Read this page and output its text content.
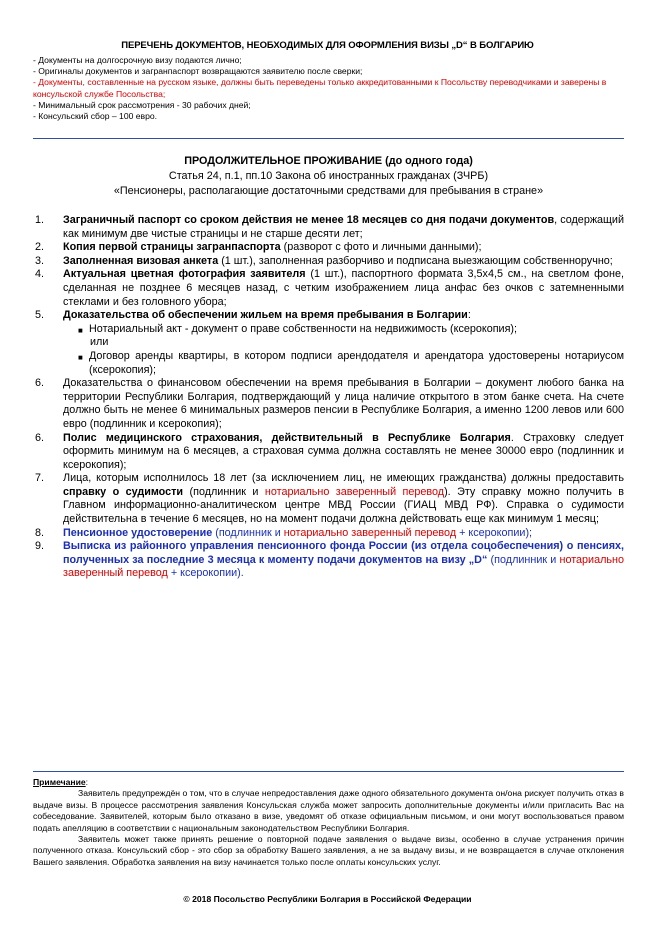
ПЕРЕЧЕНЬ ДОКУМЕНТОВ, НЕОБХОДИМЫХ ДЛЯ ОФОРМЛЕНИЯ ВИЗЫ „D“ В БОЛГАРИЮ
- Документы на долгосрочную визу подаются лично;
- Оригиналы документов и загранпаспорт возвращаются заявителю после сверки;
- Документы, составленные на русском языке, должны быть переведены только аккредитованными к Посольству переводчиками и заверены в консульской службе Посольства;
- Минимальный срок рассмотрения - 30 рабочих дней;
- Консульский сбор – 100 евро.
ПРОДОЛЖИТЕЛЬНОЕ ПРОЖИВАНИЕ (до одного года)
Статья 24, п.1, пп.10 Закона об иностранных гражданах (ЗЧРБ)
«Пенсионеры, располагающие достаточными средствами для пребывания в стране»
1. Заграничный паспорт со сроком действия не менее 18 месяцев со дня подачи документов, содержащий как минимум две чистые страницы и не старше десяти лет;
2. Копия первой страницы загранпаспорта (разворот с фото и личными данными);
3. Заполненная визовая анкета (1 шт.), заполненная разборчиво и подписана выезжающим собственноручно;
4. Актуальная цветная фотография заявителя (1 шт.), паспортного формата 3,5х4,5 см., на светлом фоне, сделанная не позднее 6 месяцев назад, с четким изображением лица анфас без очков с затемненными стеклами и без головного убора;
5. Доказательства об обеспечении жильем на время пребывания в Болгарии:
■ Нотариальный акт - документ о праве собственности на недвижимость (ксерокопия);
или
■ Договор аренды квартиры, в котором подписи арендодателя и арендатора удостоверены нотариусом (ксерокопия);
6. Доказательства о финансовом обеспечении на время пребывания в Болгарии – документ любого банка на территории Республики Болгария, подтверждающий у лица наличие открытого в этом банке счета. На счете должно быть не менее 6 минимальных размеров пенсии в Республике Болгария, а именно 1200 левов или 600 евро (подлинник и ксерокопия);
6. Полис медицинского страхования, действительный в Республике Болгария. Страховку следует оформить минимум на 6 месяцев, а страховая сумма должна составлять не менее 30000 евро (подлинник и ксерокопия);
7. Лица, которым исполнилось 18 лет (за исключением лиц, не имеющих гражданства) должны предоставить справку о судимости (подлинник и нотариально заверенный перевод). Эту справку можно получить в Главном информационно-аналитическом центре МВД России (ГИАЦ МВД РФ). Справка о судимости действительна в течение 6 месяцев, но на момент подачи должна действовать еще как минимум 1 месяц;
8. Пенсионное удостоверение (подлинник и нотариально заверенный перевод + ксерокопии);
9. Выписка из районного управления пенсионного фонда России (из отдела соцобеспечения) о пенсиях, полученных за последние 3 месяца к моменту подачи документов на визу „D“ (подлинник и нотариально заверенный перевод + ксерокопии).
Примечание:

Заявитель предупреждён о том, что в случае непредоставления даже одного обязательного документа он/она рискует получить отказ в выдаче визы. В процессе рассмотрения заявления Консульская служба может запросить дополнительные документы и/или пригласить Вас на собеседование. Заявителей, которым было отказано в визе, уведомят об отказе официальным письмом, и они могут воспользоваться правом подать апелляцию в соответствии с национальным законодательством Республики Болгария.

Заявитель может также принять решение о повторной подаче заявления о выдаче визы, особенно в случае устранения причин полученного отказа. Консульский сбор - это сбор за обработку Вашего заявления, а не за выдачу визы, и не возвращается в случае отклонения Вашего заявления. Обработка заявления на визу начинается только после оплаты консульских услуг.

© 2018 Посольство Республики Болгария в Российской Федерации
